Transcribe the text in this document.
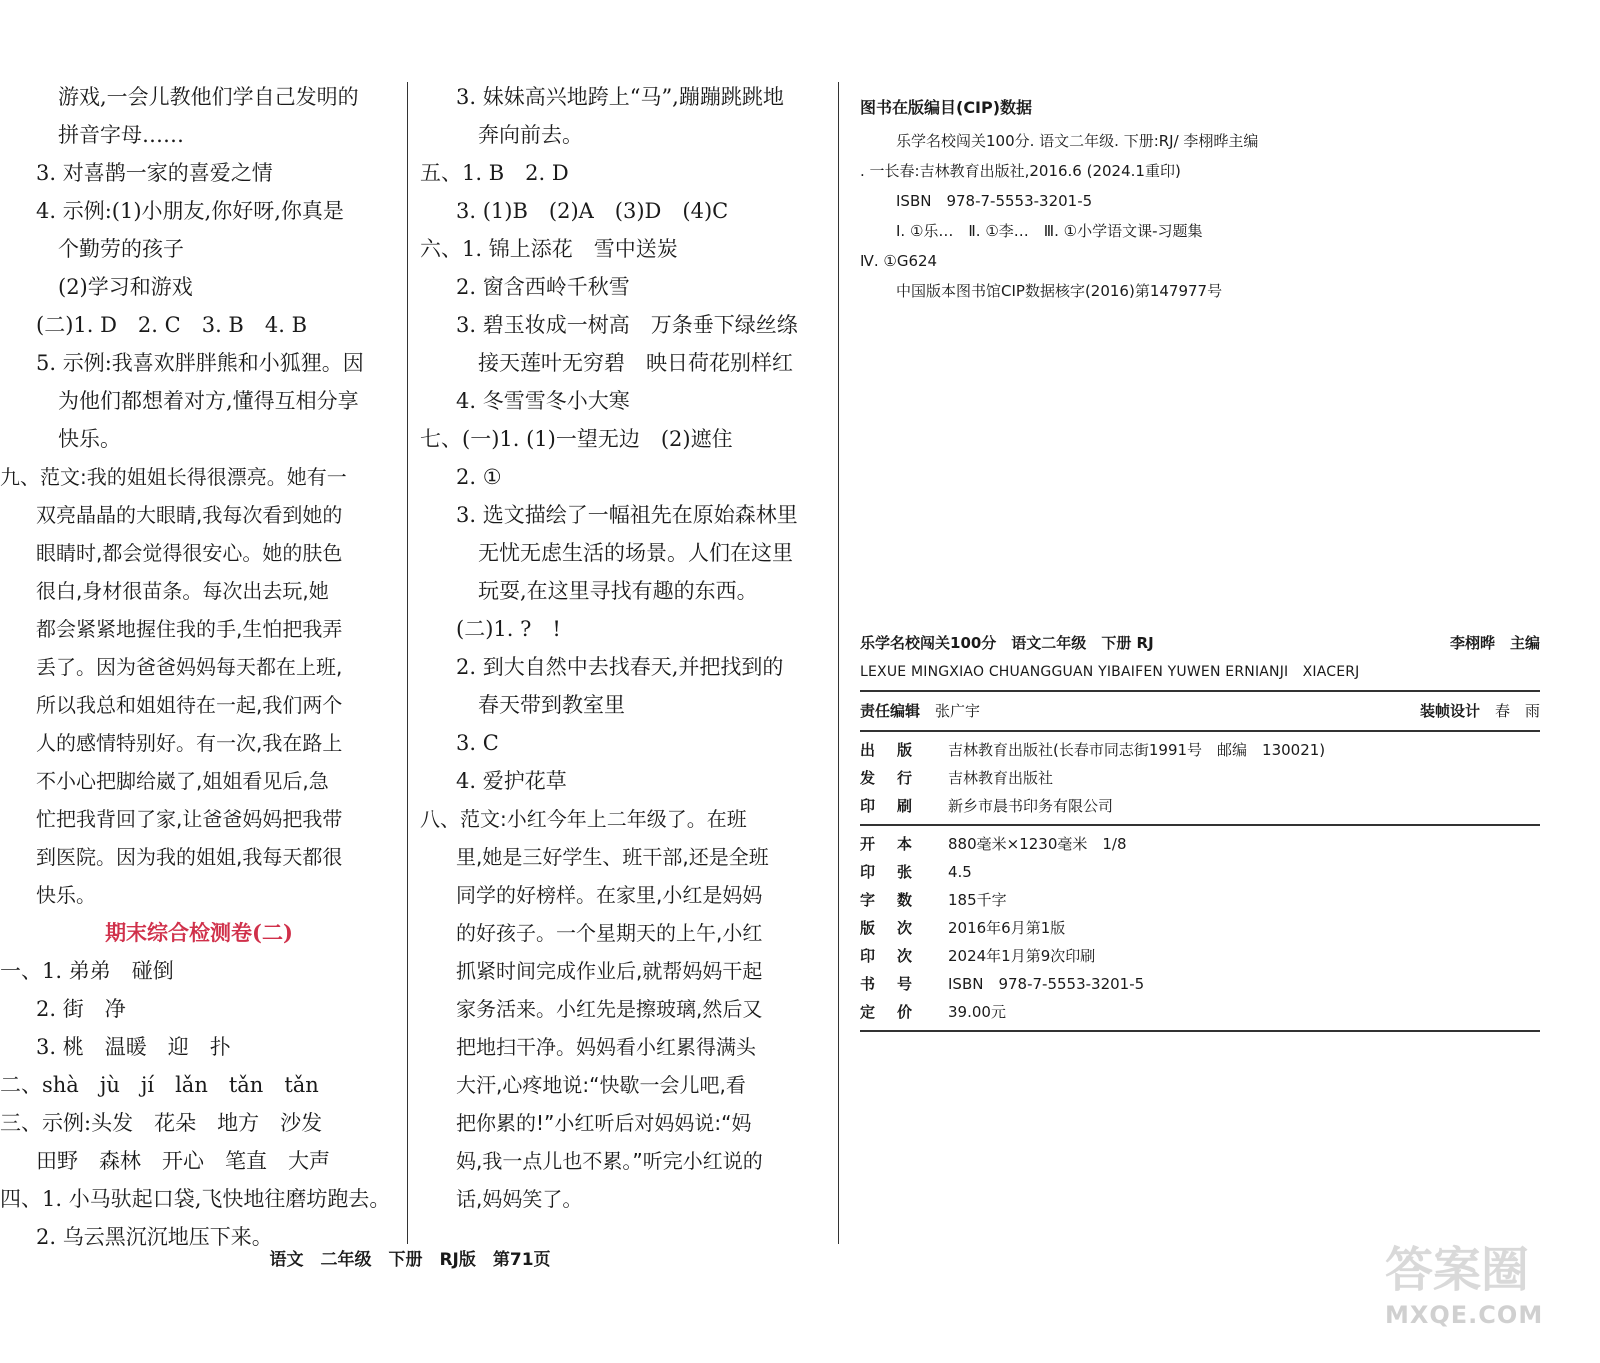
游戏,一会儿教他们学自己发明的
拼音字母……
3. 对喜鹊一家的喜爱之情
4. 示例:(1)小朋友,你好呀,你真是
个勤劳的孩子
(2)学习和游戏
(二)1. D　2. C　3. B　4. B
5. 示例:我喜欢胖胖熊和小狐狸。因
为他们都想着对方,懂得互相分享
快乐。
九、范文:我的姐姐长得很漂亮。她有一
双亮晶晶的大眼睛,我每次看到她的
眼睛时,都会觉得很安心。她的肤色
很白,身材很苗条。每次出去玩,她
都会紧紧地握住我的手,生怕把我弄
丢了。因为爸爸妈妈每天都在上班,
所以我总和姐姐待在一起,我们两个
人的感情特别好。有一次,我在路上
不小心把脚给崴了,姐姐看见后,急
忙把我背回了家,让爸爸妈妈把我带
到医院。因为我的姐姐,我每天都很
快乐。
期末综合检测卷(二)
一、1. 弟弟　碰倒
2. 街　净
3. 桃　温暖　迎　扑
二、shà　jù　jí　lǎn　tǎn　tǎn
三、示例:头发　花朵　地方　沙发
田野　森林　开心　笔直　大声
四、1. 小马驮起口袋,飞快地往磨坊跑去。
2. 乌云黑沉沉地压下来。
3. 妹妹高兴地跨上“马”,蹦蹦跳跳地
奔向前去。
五、1. B　2. D
3. (1)B　(2)A　(3)D　(4)C
六、1. 锦上添花　雪中送炭
2. 窗含西岭千秋雪
3. 碧玉妆成一树高　万条垂下绿丝绦
接天莲叶无穷碧　映日荷花别样红
4. 冬雪雪冬小大寒
七、(一)1. (1)一望无边　(2)遮住
2. ①
3. 选文描绘了一幅祖先在原始森林里
无忧无虑生活的场景。人们在这里
玩耍,在这里寻找有趣的东西。
(二)1. ?　!
2. 到大自然中去找春天,并把找到的
春天带到教室里
3. C
4. 爱护花草
八、范文:小红今年上二年级了。在班
里,她是三好学生、班干部,还是全班
同学的好榜样。在家里,小红是妈妈
的好孩子。一个星期天的上午,小红
抓紧时间完成作业后,就帮妈妈干起
家务活来。小红先是擦玻璃,然后又
把地扫干净。妈妈看小红累得满头
大汗,心疼地说:“快歇一会儿吧,看
把你累的!”小红听后对妈妈说:“妈
妈,我一点儿也不累。”听完小红说的
话,妈妈笑了。
图书在版编目(CIP)数据
乐学名校闯关100分. 语文二年级. 下册:RJ/ 李栩晔主编
. 一长春:吉林教育出版社,2016.6 (2024.1重印)
ISBN　978-7-5553-3201-5
Ⅰ. ①乐…　Ⅱ. ①李…　Ⅲ. ①小学语文课-习题集
Ⅳ. ①G624
中国版本图书馆CIP数据核字(2016)第147977号
乐学名校闯关100分　语文二年级　下册 RJ	李栩晔　主编
LEXUE MINGXIAO CHUANGGUAN YIBAIFEN YUWEN ERNIANJI　XIACERJ
责任编辑　 张广宇	装帧设计　 春　雨
出版 吉林教育出版社(长春市同志街1991号　邮编　130021)
发行 吉林教育出版社
印刷 新乡市晨书印务有限公司
开本 880毫米×1230毫米　1/8
印张 4.5
字数 185千字
版次 2016年6月第1版
印次 2024年1月第9次印刷
书号 ISBN　978-7-5553-3201-5
定价 39.00元
语文　二年级　下册　RJ版　第71页	答案圈
MXQE.COM
